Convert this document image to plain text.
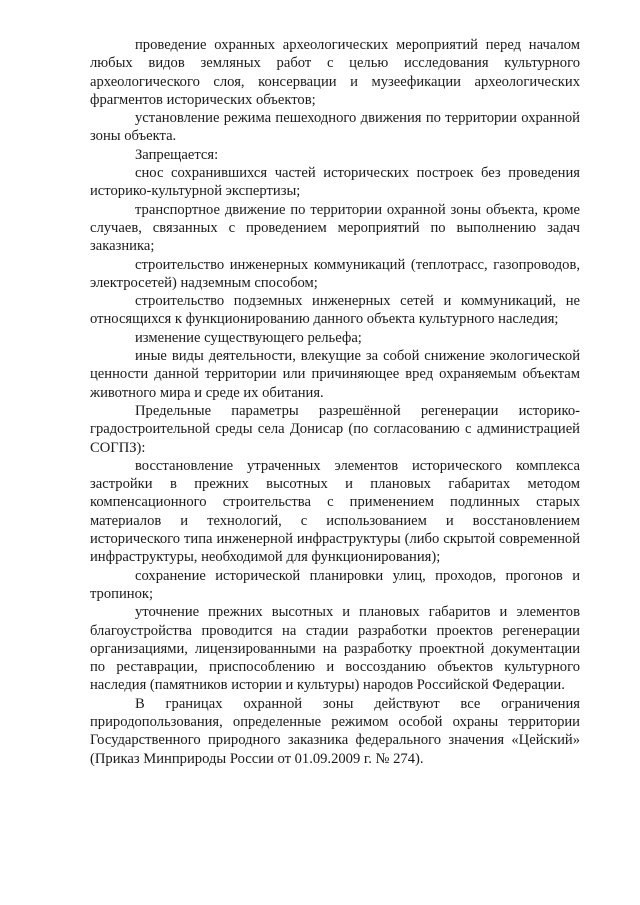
проведение охранных археологических мероприятий перед началом любых видов земляных работ с целью исследования культурного археологического слоя, консервации и музеефикации археологических фрагментов исторических объектов;

установление режима пешеходного движения по территории охранной зоны объекта.

Запрещается:

снос сохранившихся частей исторических построек без проведения историко-культурной экспертизы;

транспортное движение по территории охранной зоны объекта, кроме случаев, связанных с проведением мероприятий по выполнению задач заказника;

строительство инженерных коммуникаций (теплотрасс, газопроводов, электросетей) надземным способом;

строительство подземных инженерных сетей и коммуникаций, не относящихся к функционированию данного объекта культурного наследия;

изменение существующего рельефа;

иные виды деятельности, влекущие за собой снижение экологической ценности данной территории или причиняющее вред охраняемым объектам животного мира и среде их обитания.

Предельные параметры разрешённой регенерации историко-градостроительной среды села Донисар (по согласованию с администрацией СОГПЗ):

восстановление утраченных элементов исторического комплекса застройки в прежних высотных и плановых габаритах методом компенсационного строительства с применением подлинных старых материалов и технологий, с использованием и восстановлением исторического типа инженерной инфраструктуры (либо скрытой современной инфраструктуры, необходимой для функционирования);

сохранение исторической планировки улиц, проходов, прогонов и тропинок;

уточнение прежних высотных и плановых габаритов и элементов благоустройства проводится на стадии разработки проектов регенерации организациями, лицензированными на разработку проектной документации по реставрации, приспособлению и воссозданию объектов культурного наследия (памятников истории и культуры) народов Российской Федерации.

В границах охранной зоны действуют все ограничения природопользования, определенные режимом особой охраны территории Государственного природного заказника федерального значения «Цейский» (Приказ Минприроды России от 01.09.2009 г. № 274).
